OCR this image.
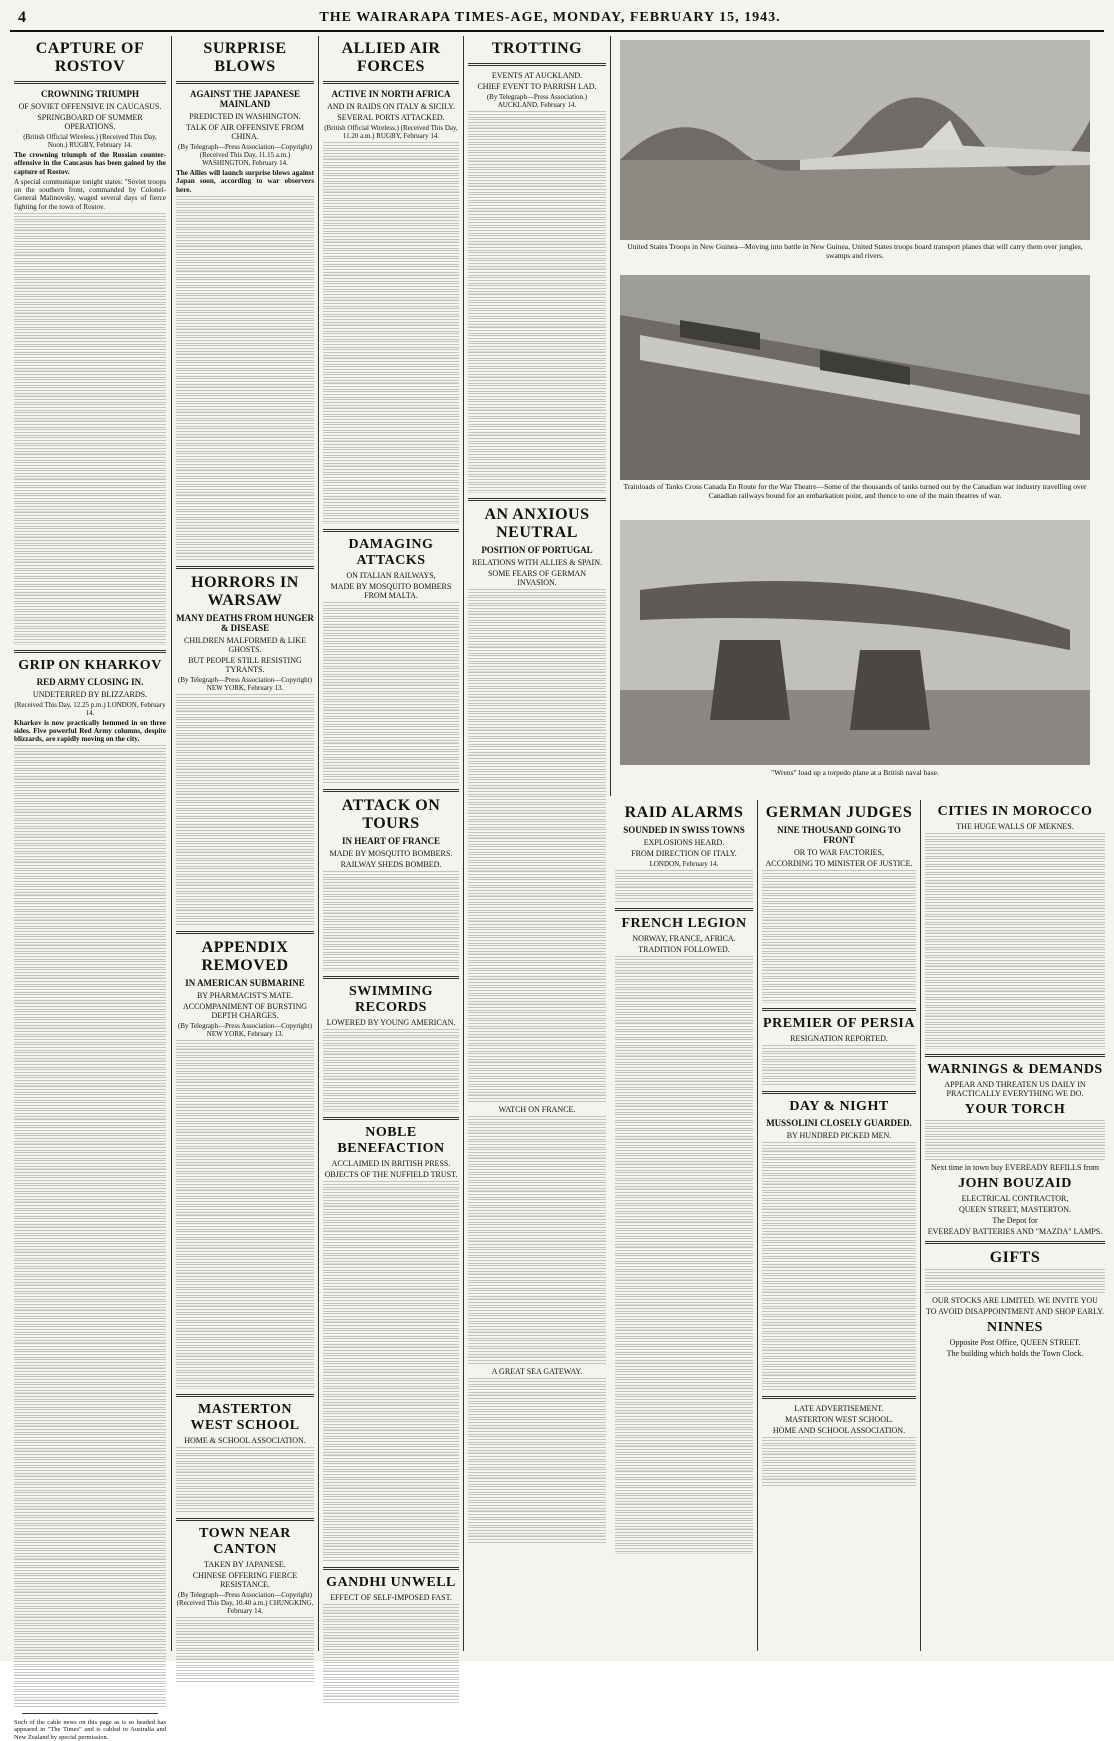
4	THE WAIRARAPA TIMES-AGE, MONDAY, FEBRUARY 15, 1943.
CAPTURE OF ROSTOV
CROWNING TRIUMPH
OF SOVIET OFFENSIVE IN CAUCASUS.
SPRINGBOARD OF SUMMER OPERATIONS.
(British Official Wireless.) (Received This Day, Noon.) RUGBY, February 14.
The crowning triumph of the Russian counter-offensive in the Caucasus has been gained by the capture of Rostov.
A special communique tonight states: "Soviet troops on the southern front, commanded by Colonel-General Malinovsky, waged several days of fierce fighting for the town of Rostov.
GRIP ON KHARKOV
RED ARMY CLOSING IN.
UNDETERRED BY BLIZZARDS.
(Received This Day, 12.25 p.m.) LONDON, February 14.
Kharkov is now practically hemmed in on three sides. Five powerful Red Army columns, despite blizzards, are rapidly moving on the city.
Such of the cable news on this page as is so headed has appeared in "The Times" and is cabled to Australia and New Zealand by special permission.
SURPRISE BLOWS
AGAINST THE JAPANESE MAINLAND
PREDICTED IN WASHINGTON.
TALK OF AIR OFFENSIVE FROM CHINA.
(By Telegraph—Press Association—Copyright) (Received This Day, 11.15 a.m.) WASHINGTON, February 14.
The Allies will launch surprise blows against Japan soon, according to war observers here.
HORRORS IN WARSAW
MANY DEATHS FROM HUNGER & DISEASE
CHILDREN MALFORMED & LIKE GHOSTS.
BUT PEOPLE STILL RESISTING TYRANTS.
(By Telegraph—Press Association—Copyright) NEW YORK, February 13.
APPENDIX REMOVED
IN AMERICAN SUBMARINE
BY PHARMACIST'S MATE.
ACCOMPANIMENT OF BURSTING DEPTH CHARGES.
(By Telegraph—Press Association—Copyright) NEW YORK, February 13.
MASTERTON WEST SCHOOL
HOME & SCHOOL ASSOCIATION.
TOWN NEAR CANTON
TAKEN BY JAPANESE.
CHINESE OFFERING FIERCE RESISTANCE.
(By Telegraph—Press Association—Copyright) (Received This Day, 10.40 a.m.) CHUNGKING, February 14.
ALLIED AIR FORCES
ACTIVE IN NORTH AFRICA
AND IN RAIDS ON ITALY & SICILY.
SEVERAL PORTS ATTACKED.
(British Official Wireless.) (Received This Day, 11.20 a.m.) RUGBY, February 14.
DAMAGING ATTACKS
ON ITALIAN RAILWAYS,
MADE BY MOSQUITO BOMBERS FROM MALTA.
ATTACK ON TOURS
IN HEART OF FRANCE
MADE BY MOSQUITO BOMBERS.
RAILWAY SHEDS BOMBED.
SWIMMING RECORDS
LOWERED BY YOUNG AMERICAN.
NOBLE BENEFACTION
ACCLAIMED IN BRITISH PRESS.
OBJECTS OF THE NUFFIELD TRUST.
GANDHI UNWELL
EFFECT OF SELF-IMPOSED FAST.
TROTTING
EVENTS AT AUCKLAND.
CHIEF EVENT TO PARRISH LAD.
(By Telegraph—Press Association.) AUCKLAND, February 14.
AN ANXIOUS NEUTRAL
POSITION OF PORTUGAL
RELATIONS WITH ALLIES & SPAIN.
SOME FEARS OF GERMAN INVASION.
WATCH ON FRANCE.
A GREAT SEA GATEWAY.
United States Troops in New Guinea—Moving into battle in New Guinea, United States troops board transport planes that will carry them over jungles, swamps and rivers.
Trainloads of Tanks Cross Canada En Route for the War Theatre—Some of the thousands of tanks turned out by the Canadian war industry travelling over Canadian railways bound for an embarkation point, and thence to one of the main theatres of war.
"Wrens" load up a torpedo plane at a British naval base.
RAID ALARMS
SOUNDED IN SWISS TOWNS
EXPLOSIONS HEARD.
FROM DIRECTION OF ITALY.
LONDON, February 14.
FRENCH LEGION
NORWAY, FRANCE, AFRICA.
TRADITION FOLLOWED.
GERMAN JUDGES
NINE THOUSAND GOING TO FRONT
OR TO WAR FACTORIES,
ACCORDING TO MINISTER OF JUSTICE.
PREMIER OF PERSIA
RESIGNATION REPORTED.
DAY & NIGHT
MUSSOLINI CLOSELY GUARDED.
BY HUNDRED PICKED MEN.
LATE ADVERTISEMENT.
MASTERTON WEST SCHOOL.
HOME AND SCHOOL ASSOCIATION.
CITIES IN MOROCCO
THE HUGE WALLS OF MEKNES.
WARNINGS & DEMANDS
APPEAR AND THREATEN US DAILY IN PRACTICALLY EVERYTHING WE DO.
YOUR TORCH
Next time in town buy EVEREADY REFILLS from
JOHN BOUZAID
ELECTRICAL CONTRACTOR,
QUEEN STREET, MASTERTON.
The Depot for
EVEREADY BATTERIES AND "MAZDA" LAMPS.
GIFTS
OUR STOCKS ARE LIMITED. WE INVITE YOU
TO AVOID DISAPPOINTMENT AND SHOP EARLY.
NINNES
Opposite Post Office, QUEEN STREET.
The building which holds the Town Clock.
